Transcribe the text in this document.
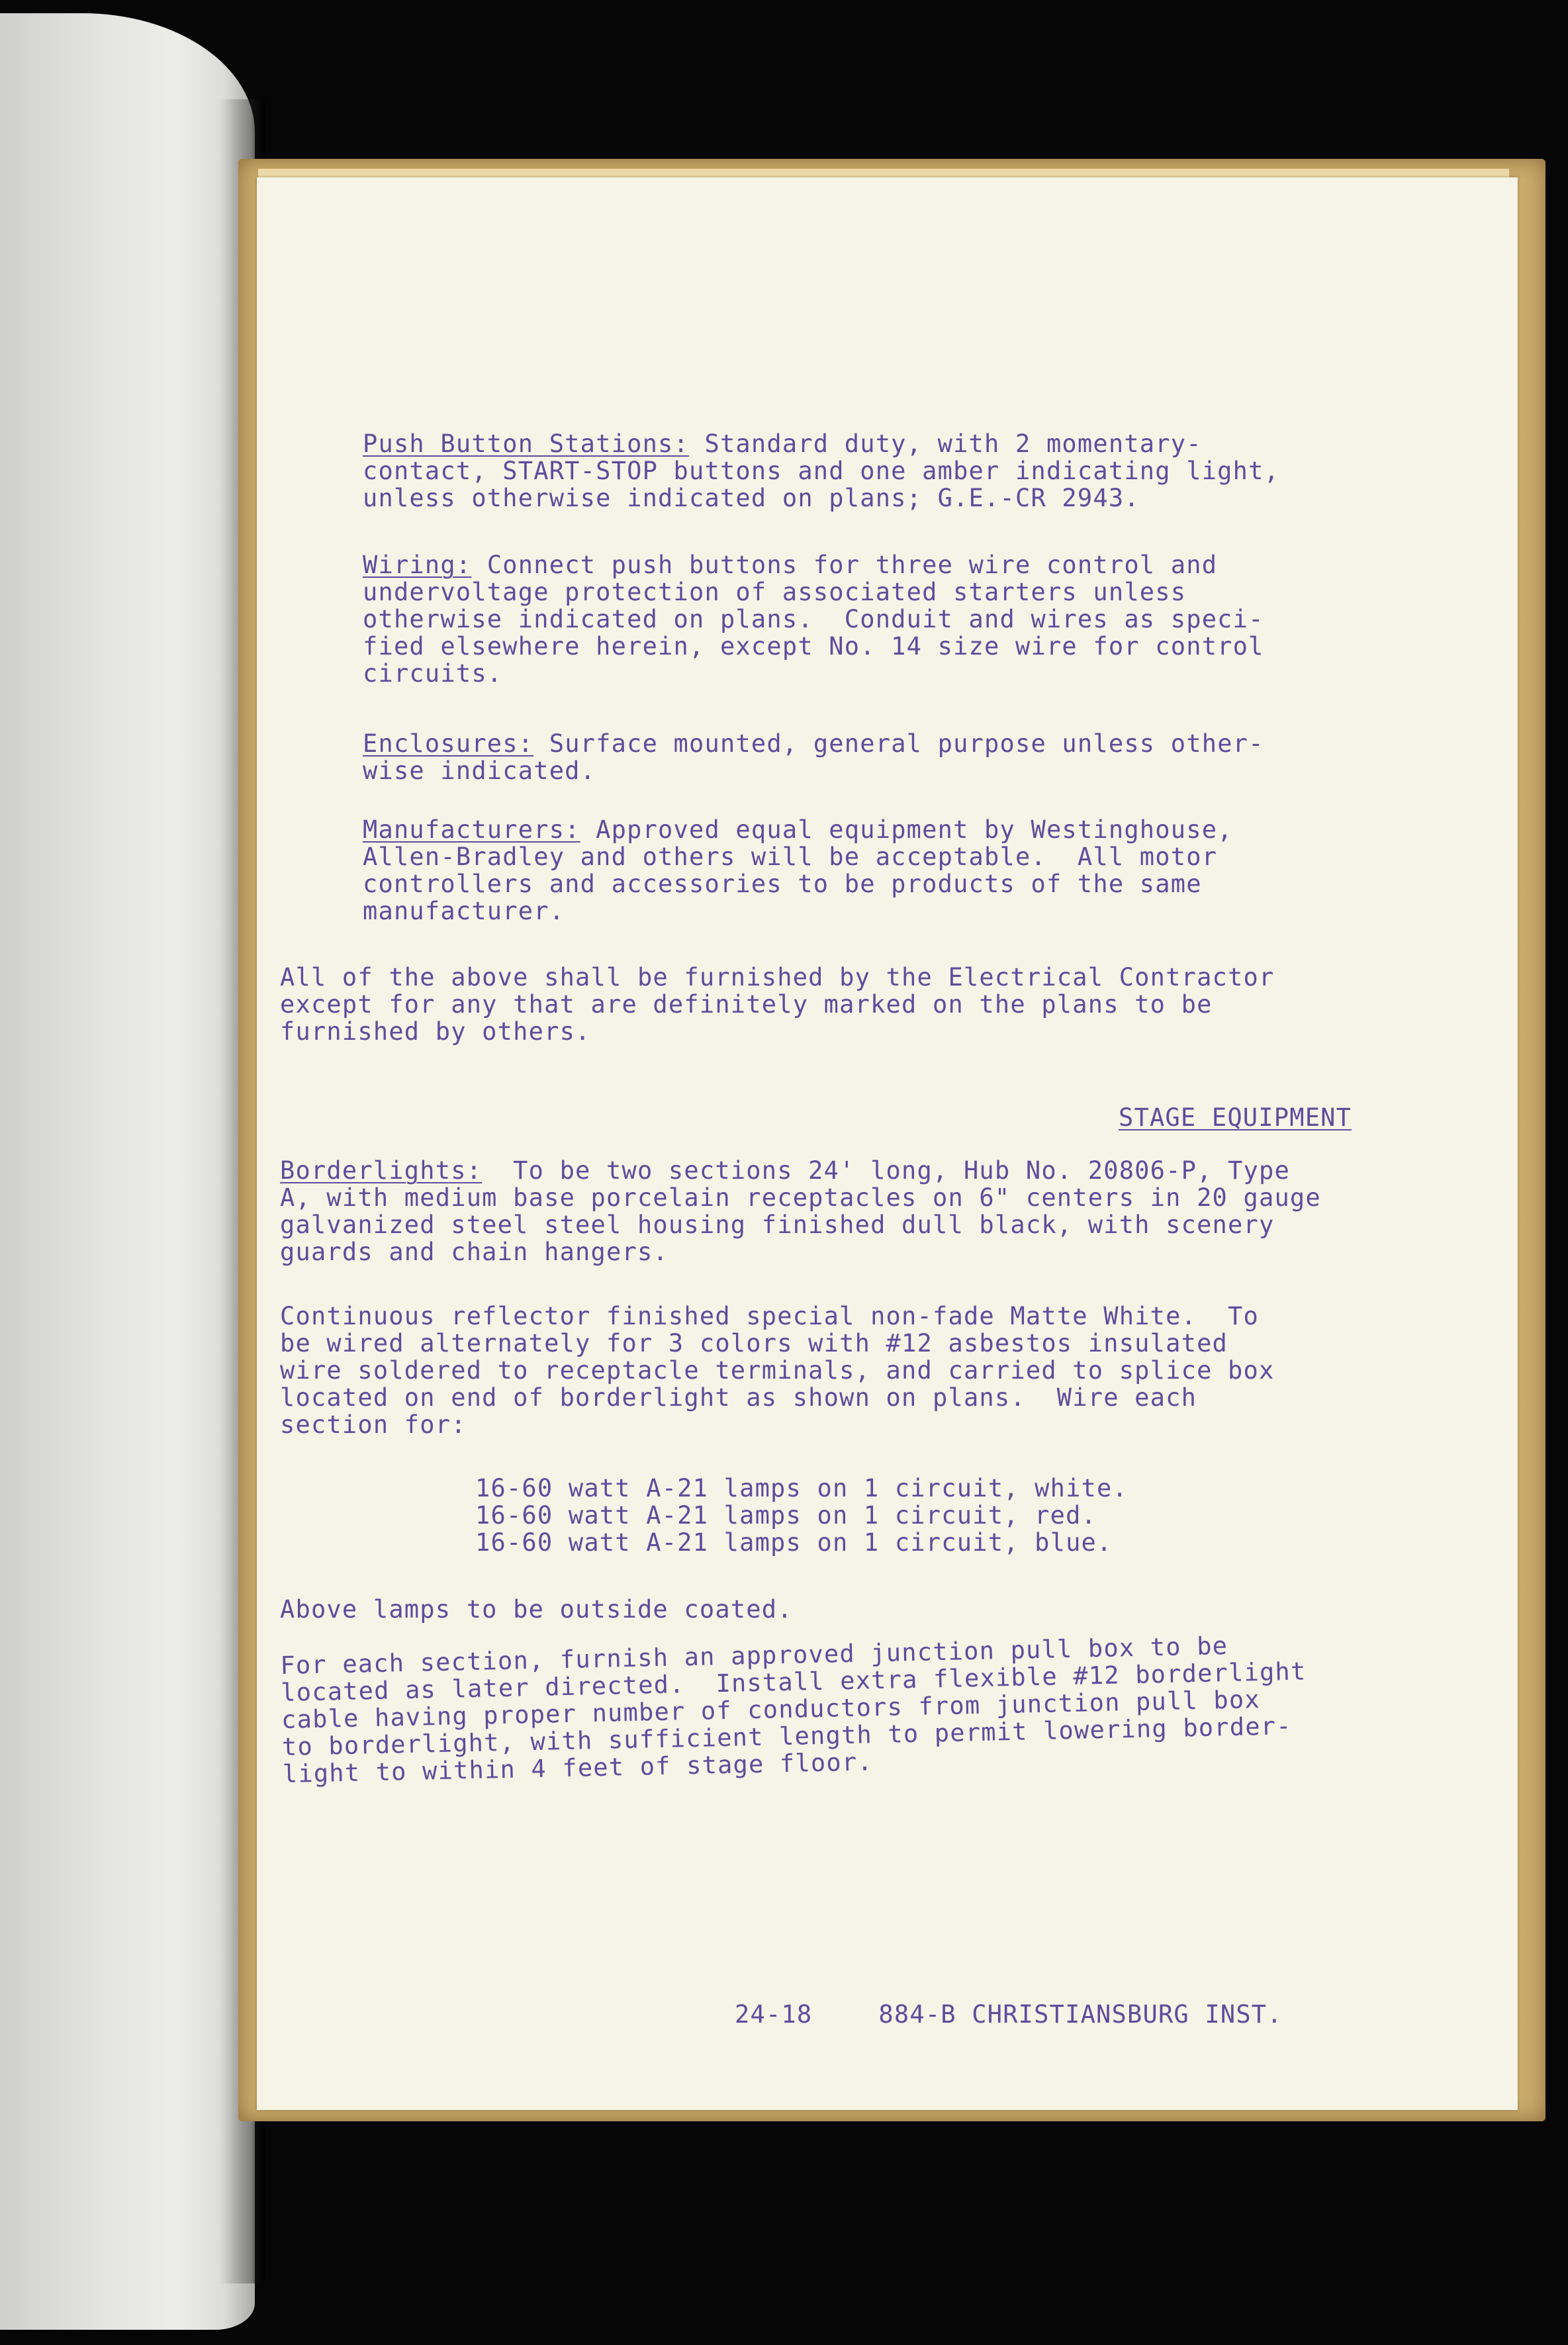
Push Button Stations: Standard duty, with 2 momentary-
contact, START-STOP buttons and one amber indicating light,
unless otherwise indicated on plans; G.E.-CR 2943.
Wiring: Connect push buttons for three wire control and
undervoltage protection of associated starters unless
otherwise indicated on plans.  Conduit and wires as speci-
fied elsewhere herein, except No. 14 size wire for control
circuits.
Enclosures: Surface mounted, general purpose unless other-
wise indicated.
Manufacturers: Approved equal equipment by Westinghouse,
Allen-Bradley and others will be acceptable.  All motor
controllers and accessories to be products of the same
manufacturer.
All of the above shall be furnished by the Electrical Contractor
except for any that are definitely marked on the plans to be
furnished by others.
STAGE EQUIPMENT
Borderlights:  To be two sections 24' long, Hub No. 20806-P, Type
A, with medium base porcelain receptacles on 6" centers in 20 gauge
galvanized steel steel housing finished dull black, with scenery
guards and chain hangers.
Continuous reflector finished special non-fade Matte White.  To
be wired alternately for 3 colors with #12 asbestos insulated
wire soldered to receptacle terminals, and carried to splice box
located on end of borderlight as shown on plans.  Wire each
section for:
16-60 watt A-21 lamps on 1 circuit, white.
16-60 watt A-21 lamps on 1 circuit, red.
16-60 watt A-21 lamps on 1 circuit, blue.
Above lamps to be outside coated.
For each section, furnish an approved junction pull box to be
located as later directed.  Install extra flexible #12 borderlight
cable having proper number of conductors from junction pull box
to borderlight, with sufficient length to permit lowering border-
light to within 4 feet of stage floor.
24-18	884-B CHRISTIANSBURG INST.
